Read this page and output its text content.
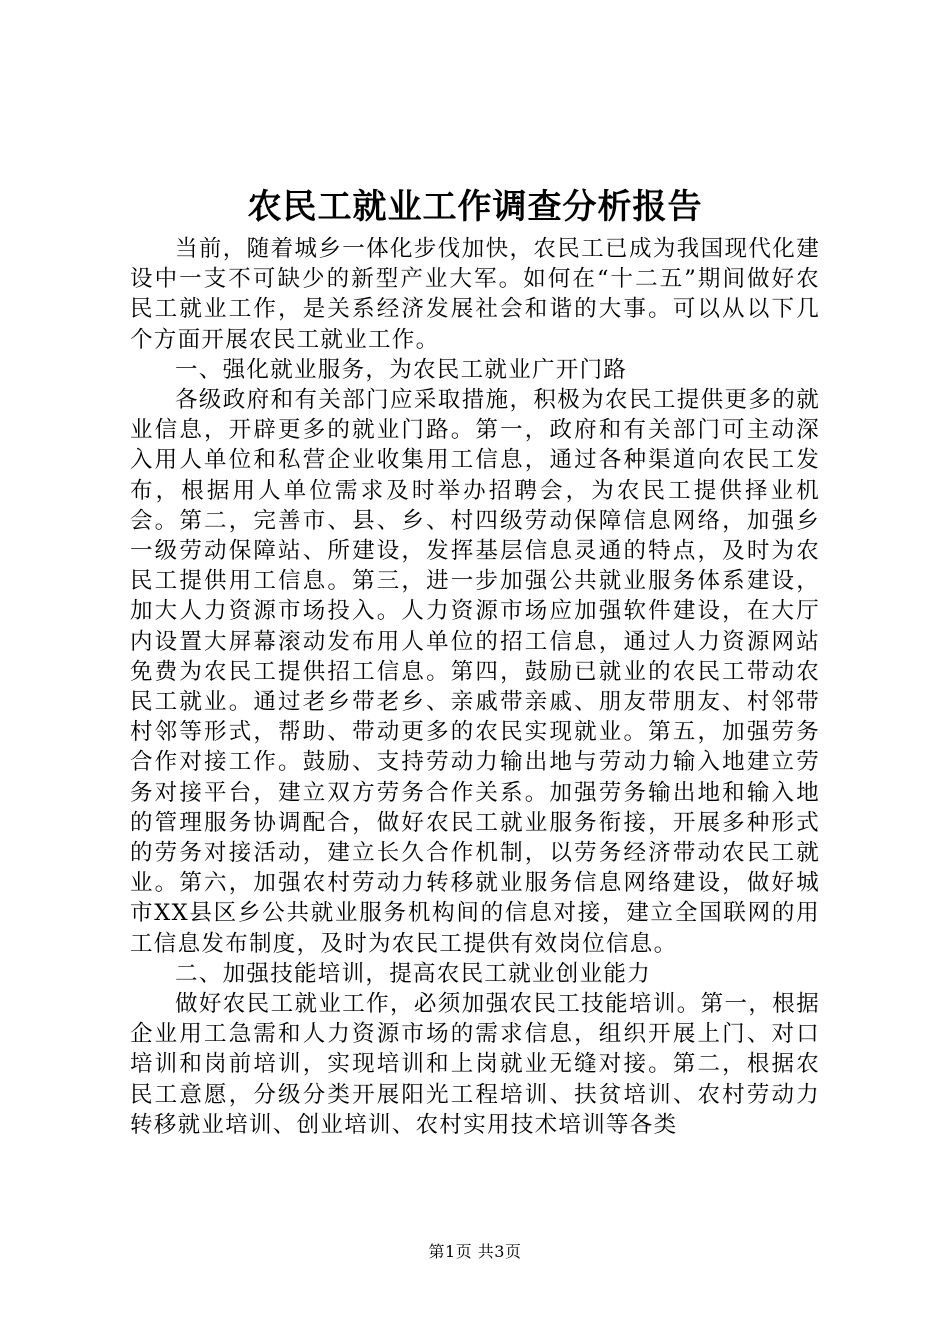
农民工就业工作调查分析报告

当前，随着城乡一体化步伐加快，农民工已成为我国现代化建设中一支不可缺少的新型产业大军。如何在“十二五”期间做好农民工就业工作，是关系经济发展社会和谐的大事。可以从以下几个方面开展农民工就业工作。

一、强化就业服务，为农民工就业广开门路

各级政府和有关部门应采取措施，积极为农民工提供更多的就业信息，开辟更多的就业门路。第一，政府和有关部门可主动深入用人单位和私营企业收集用工信息，通过各种渠道向农民工发布，根据用人单位需求及时举办招聘会，为农民工提供择业机会。第二，完善市、县、乡、村四级劳动保障信息网络，加强乡一级劳动保障站、所建设，发挥基层信息灵通的特点，及时为农民工提供用工信息。第三，进一步加强公共就业服务体系建设，加大人力资源市场投入。人力资源市场应加强软件建设，在大厅内设置大屏幕滚动发布用人单位的招工信息，通过人力资源网站免费为农民工提供招工信息。第四，鼓励已就业的农民工带动农民工就业。通过老乡带老乡、亲戚带亲戚、朋友带朋友、村邻带村邻等形式，帮助、带动更多的农民实现就业。第五，加强劳务合作对接工作。鼓励、支持劳动力输出地与劳动力输入地建立劳务对接平台，建立双方劳务合作关系。加强劳务输出地和输入地的管理服务协调配合，做好农民工就业服务衔接，开展多种形式的劳务对接活动，建立长久合作机制，以劳务经济带动农民工就业。第六，加强农村劳动力转移就业服务信息网络建设，做好城市XX县区乡公共就业服务机构间的信息对接，建立全国联网的用工信息发布制度，及时为农民工提供有效岗位信息。

二、加强技能培训，提高农民工就业创业能力

做好农民工就业工作，必须加强农民工技能培训。第一，根据企业用工急需和人力资源市场的需求信息，组织开展上门、对口培训和岗前培训，实现培训和上岗就业无缝对接。第二，根据农民工意愿，分级分类开展阳光工程培训、扶贫培训、农村劳动力转移就业培训、创业培训、农村实用技术培训等各类

第1页 共3页
